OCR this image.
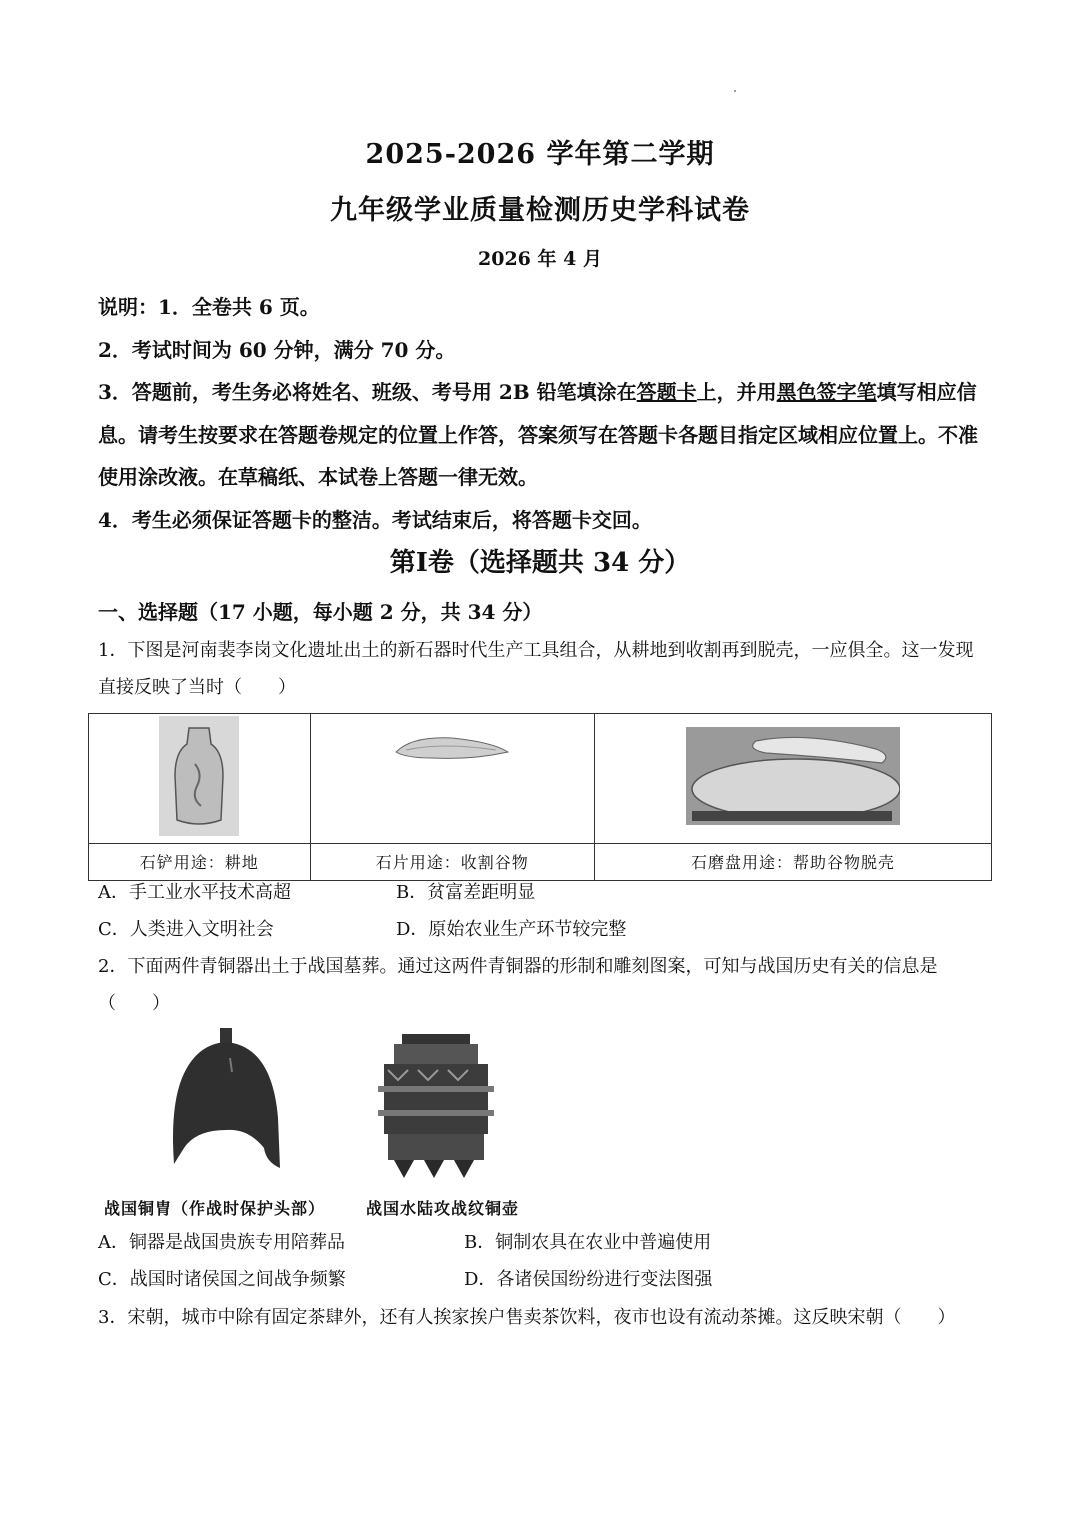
2025-2026 学年第二学期
九年级学业质量检测历史学科试卷
2026 年 4 月

说明：1．全卷共 6 页。

2．考试时间为 60 分钟，满分 70 分。

3．答题前，考生务必将姓名、班级、考号用 2B 铅笔填涂在答题卡上，并用黑色签字笔填写相应信息。请考生按要求在答题卷规定的位置上作答，答案须写在答题卡各题目指定区域相应位置上。不准使用涂改液。在草稿纸、本试卷上答题一律无效。

4．考生必须保证答题卡的整洁。考试结束后，将答题卡交回。

第Ⅰ卷（选择题共 34 分）
一、选择题（17 小题，每小题 2 分，共 34 分）

1．下图是河南裴李岗文化遗址出土的新石器时代生产工具组合，从耕地到收割再到脱壳，一应俱全。这一发现直接反映了当时（　　）

石铲用途：耕地	石片用途：收割谷物	石磨盘用途：帮助谷物脱壳
A．手工业水平技术高超	B．贫富差距明显
C．人类进入文明社会	D．原始农业生产环节较完整

2．下面两件青铜器出土于战国墓葬。通过这两件青铜器的形制和雕刻图案，可知与战国历史有关的信息是（　　）

战国铜胄（作战时保护头部）	战国水陆攻战纹铜壶
A．铜器是战国贵族专用陪葬品	B．铜制农具在农业中普遍使用
C．战国时诸侯国之间战争频繁	D．各诸侯国纷纷进行变法图强

3．宋朝，城市中除有固定茶肆外，还有人挨家挨户售卖茶饮料，夜市也设有流动茶摊。这反映宋朝（　　）
